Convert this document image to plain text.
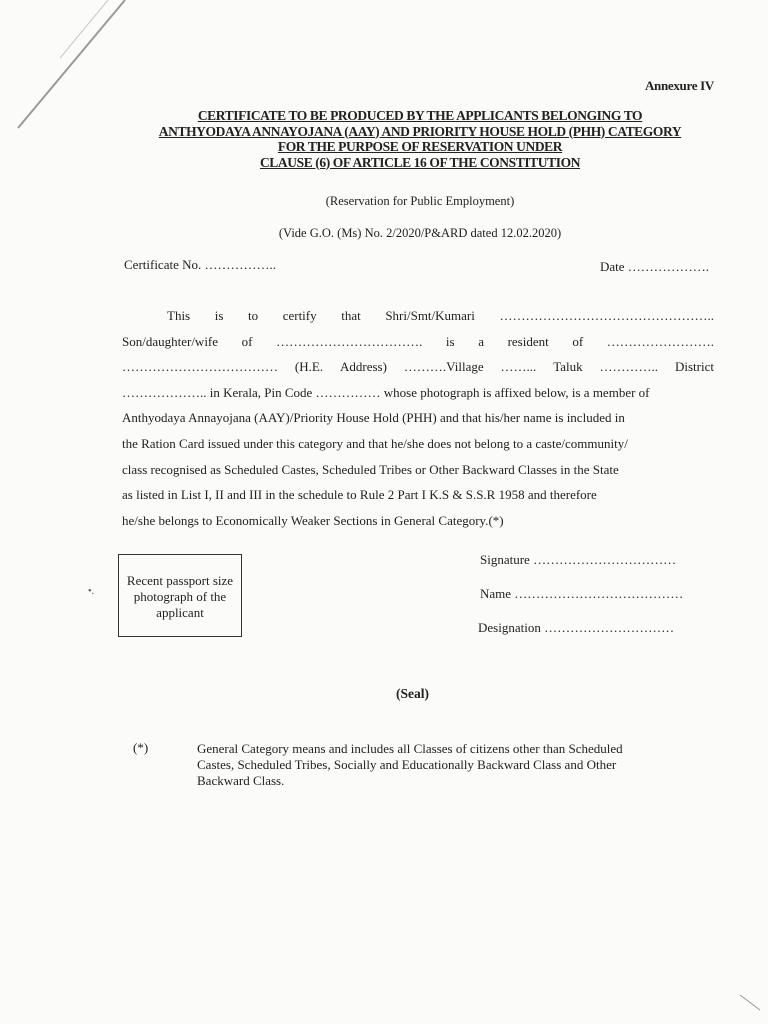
Annexure IV
CERTIFICATE TO BE PRODUCED BY THE APPLICANTS BELONGING TO
ANTHYODAYA ANNAYOJANA (AAY) AND PRIORITY HOUSE HOLD (PHH) CATEGORY
FOR THE PURPOSE OF RESERVATION UNDER
CLAUSE (6) OF ARTICLE 16 OF THE CONSTITUTION
(Reservation for Public Employment)
(Vide G.O. (Ms) No. 2/2020/P&ARD dated 12.02.2020)
Certificate No. ……………..	Date ……………….
This is to certify that Shri/Smt/Kumari …………………………………………..
Son/daughter/wife of ……………………………. is a resident of …………………….
……………………………… (H.E. Address) ……….Village ……... Taluk ………….. District
……………….. in Kerala, Pin Code …………… whose photograph is affixed below, is a member of
Anthyodaya Annayojana (AAY)/Priority House Hold (PHH) and that his/her name is included in
the Ration Card issued under this category and that he/she does not belong to a caste/community/
class recognised as Scheduled Castes, Scheduled Tribes or Other Backward Classes in the State
as listed in List I, II and III in the schedule to Rule 2 Part I K.S & S.S.R 1958 and therefore
he/she belongs to Economically Weaker Sections in General Category.(*)
•.
Recent passport size
photograph of the
applicant
Signature ……………………………
Name …………………………………
Designation …………………………
(Seal)
(*)	General Category means and includes all Classes of citizens other than Scheduled
Castes, Scheduled Tribes, Socially and Educationally Backward Class and Other
Backward Class.
